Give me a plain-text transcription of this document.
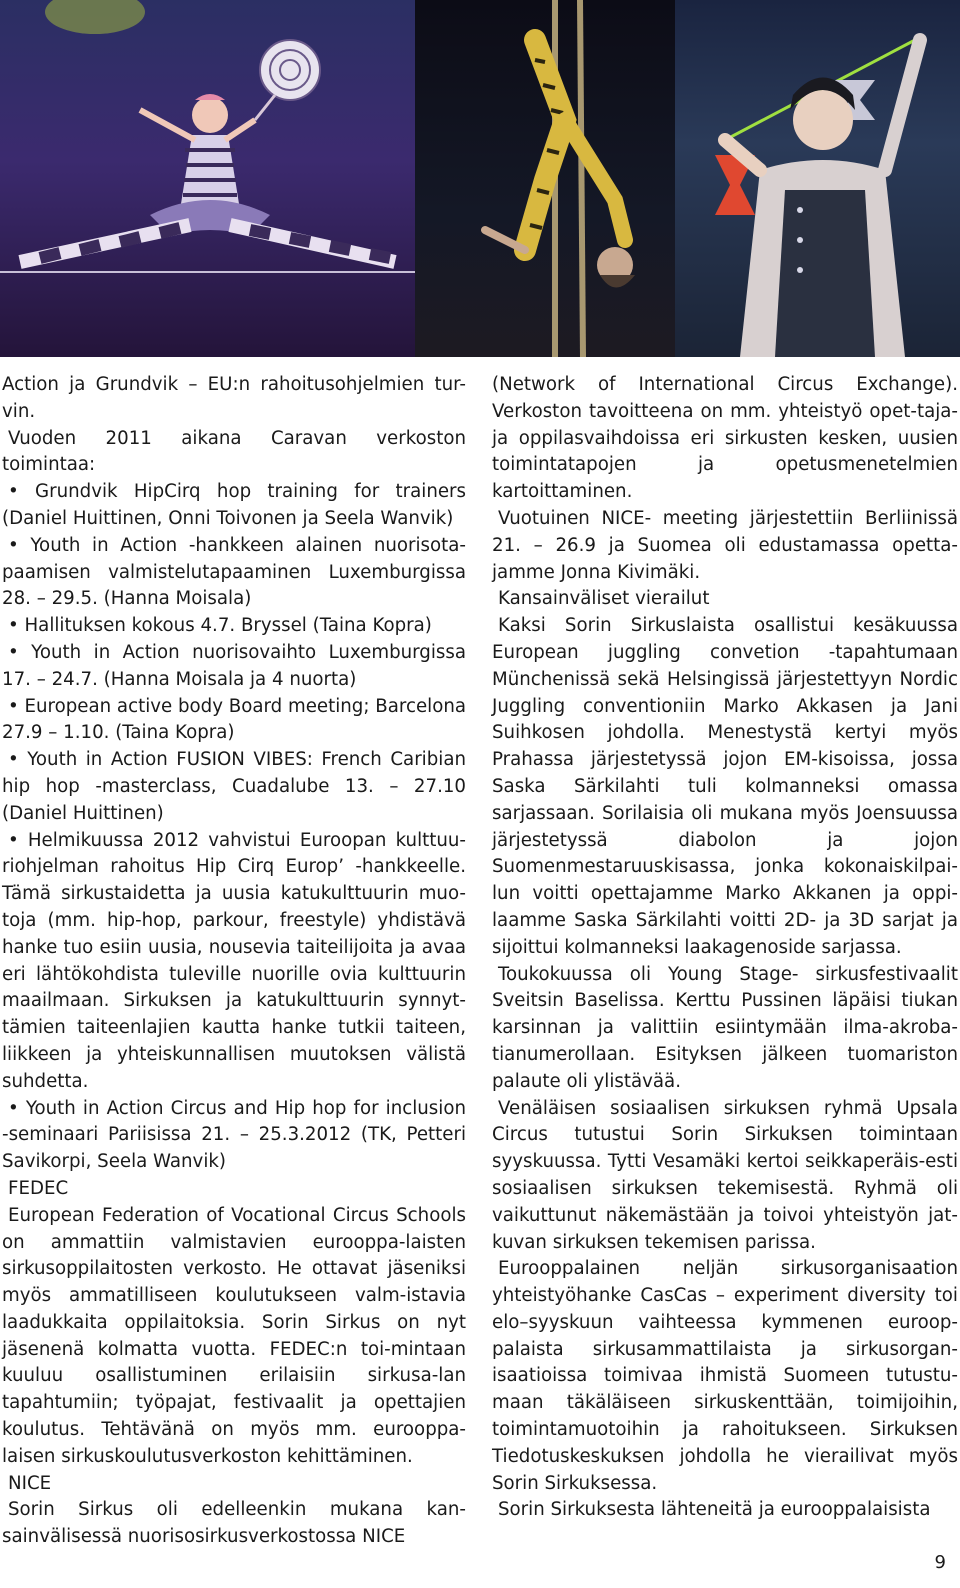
Action ja Grundvik – EU:n rahoitusohjelmien tur-vin.

Vuoden 2011 aikana Caravan verkoston toimintaa:

• Grundvik HipCirq hop training for trainers (Daniel Huittinen, Onni Toivonen ja Seela Wanvik)

• Youth in Action -hankkeen alainen nuorisota-paamisen valmistelutapaaminen Luxemburgissa 28. – 29.5. (Hanna Moisala)

• Hallituksen kokous 4.7. Bryssel (Taina Kopra)

• Youth in Action nuorisovaihto Luxemburgissa 17. – 24.7. (Hanna Moisala ja 4 nuorta)

• European active body Board meeting; Barcelona 27.9 – 1.10. (Taina Kopra)

• Youth in Action FUSION VIBES: French Caribian hip hop -masterclass, Cuadalube 13. – 27.10 (Daniel Huittinen)

• Helmikuussa 2012 vahvistui Euroopan kulttuu-riohjelman rahoitus Hip Cirq Europ’ -hankkeelle. Tämä sirkustaidetta ja uusia katukulttuurin muo-toja (mm. hip-hop, parkour, freestyle) yhdistävä hanke tuo esiin uusia, nousevia taiteilijoita ja avaa eri lähtökohdista tuleville nuorille ovia kulttuurin maailmaan. Sirkuksen ja katukulttuurin synnyt-tämien taiteenlajien kautta hanke tutkii taiteen, liikkeen ja yhteiskunnallisen muutoksen välistä suhdetta.

• Youth in Action Circus and Hip hop for inclusion -seminaari Pariisissa 21. – 25.3.2012 (TK, Petteri Savikorpi, Seela Wanvik)

FEDEC

European Federation of Vocational Circus Schools on ammattiin valmistavien eurooppa-laisten sirkusoppilaitosten verkosto. He ottavat jäseniksi myös ammatilliseen koulutukseen valm-istavia laadukkaita oppilaitoksia. Sorin Sirkus on nyt jäsenenä kolmatta vuotta. FEDEC:n toi-mintaan kuuluu osallistuminen erilaisiin sirkusa-lan tapahtumiin; työpajat, festivaalit ja opettajien koulutus. Tehtävänä on myös mm. eurooppa-laisen sirkuskoulutusverkoston kehittäminen.

NICE

Sorin Sirkus oli edelleenkin mukana kan-sainvälisessä nuorisosirkusverkostossa NICE

(Network of International Circus Exchange). Verkoston tavoitteena on mm. yhteistyö opet-taja- ja oppilasvaihdoissa eri sirkusten kesken, uusien toimintatapojen ja opetusmenetelmien kartoittaminen.

Vuotuinen NICE- meeting järjestettiin Berliinissä 21. – 26.9 ja Suomea oli edustamassa opetta-jamme Jonna Kivimäki.

Kansainväliset vierailut

Kaksi Sorin Sirkuslaista osallistui kesäkuussa European juggling convetion -tapahtumaan Münchenissä sekä Helsingissä järjestettyyn Nordic Juggling conventioniin Marko Akkasen ja Jani Suihkosen johdolla. Menestystä kertyi myös Prahassa järjestetyssä jojon EM-kisoissa, jossa Saska Särkilahti tuli kolmanneksi omassa sarjassaan. Sorilaisia oli mukana myös Joensuussa järjestetyssä diabolon ja jojon Suomenmestaruuskisassa, jonka kokonaiskilpai-lun voitti opettajamme Marko Akkanen ja oppi-laamme Saska Särkilahti voitti 2D- ja 3D sarjat ja sijoittui kolmanneksi laakagenoside sarjassa.

Toukokuussa oli Young Stage- sirkusfestivaalit Sveitsin Baselissa. Kerttu Pussinen läpäisi tiukan karsinnan ja valittiin esiintymään ilma-akroba-tianumerollaan. Esityksen jälkeen tuomariston palaute oli ylistävää.

Venäläisen sosiaalisen sirkuksen ryhmä Upsala Circus tutustui Sorin Sirkuksen toimintaan syyskuussa. Tytti Vesamäki kertoi seikkaperäis-esti sosiaalisen sirkuksen tekemisestä. Ryhmä oli vaikuttunut näkemästään ja toivoi yhteistyön jat-kuvan sirkuksen tekemisen parissa.

Eurooppalainen neljän sirkusorganisaation yhteistyöhanke CasCas – experiment diversity toi elo–syyskuun vaihteessa kymmenen euroop-palaista sirkusammattilaista ja sirkusorgan-isaatioissa toimivaa ihmistä Suomeen tutustu-maan täkäläiseen sirkuskenttään, toimijoihin, toimintamuotoihin ja rahoitukseen. Sirkuksen Tiedotuskeskuksen johdolla he vierailivat myös Sorin Sirkuksessa.

Sorin Sirkuksesta lähteneitä ja eurooppalaisista

9
